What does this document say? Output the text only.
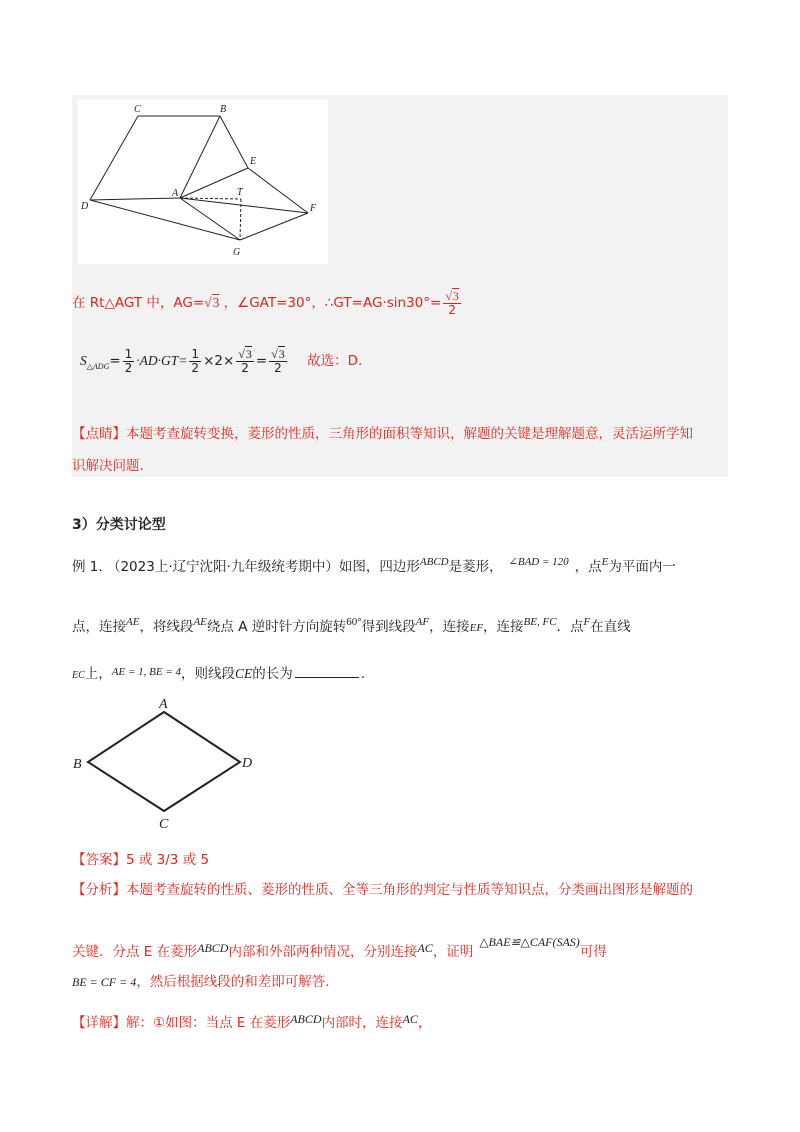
C	B
E
A	T
D	F
G
在 Rt△AGT 中，AG=√3 ，∠GAT=30°，∴GT=AG·sin30°= $\frac{√3}{2}$
$S_{\triangle ADG}= \frac{1}{2} \cdot AD\cdot GT= \frac{1}{2} \times 2\times \frac{√3}{2} = \frac{√3}{2}$ 故选：D.
【点睛】本题考查旋转变换，菱形的性质，三角形的面积等知识，解题的关键是理解题意，灵活运所学知
识解决问题.
3）分类讨论型
例 1. （2023上·辽宁沈阳·九年级统考期中）如图，四边形$^{ABCD}$是菱形， $^{\angle BAD = 120}$ ，点$^E$为平面内一
点，连接$^{AE}$，将线段$^{AE}$绕点 A 逆时针方向旋转$^{60^\circ}$得到线段$^{AF}$，连接EF，连接$^{BE, FC}$．点$^F$在直线
EC上，$^{AE = 1, BE = 4}$，则线段CE的长为	.
A
B
C
D
【答案】5 或 3/3 或 5
【分析】本题考查旋转的性质、菱形的性质、全等三角形的判定与性质等知识点，分类画出图形是解题的
关键．分点 E 在菱形ABCD内部和外部两种情况，分别连接AC，证明△BAE≌△CAF(SAS)可得
BE = CF = 4，然后根据线段的和差即可解答.
【详解】解：①如图：当点 E 在菱形ABCD内部时，连接AC，
